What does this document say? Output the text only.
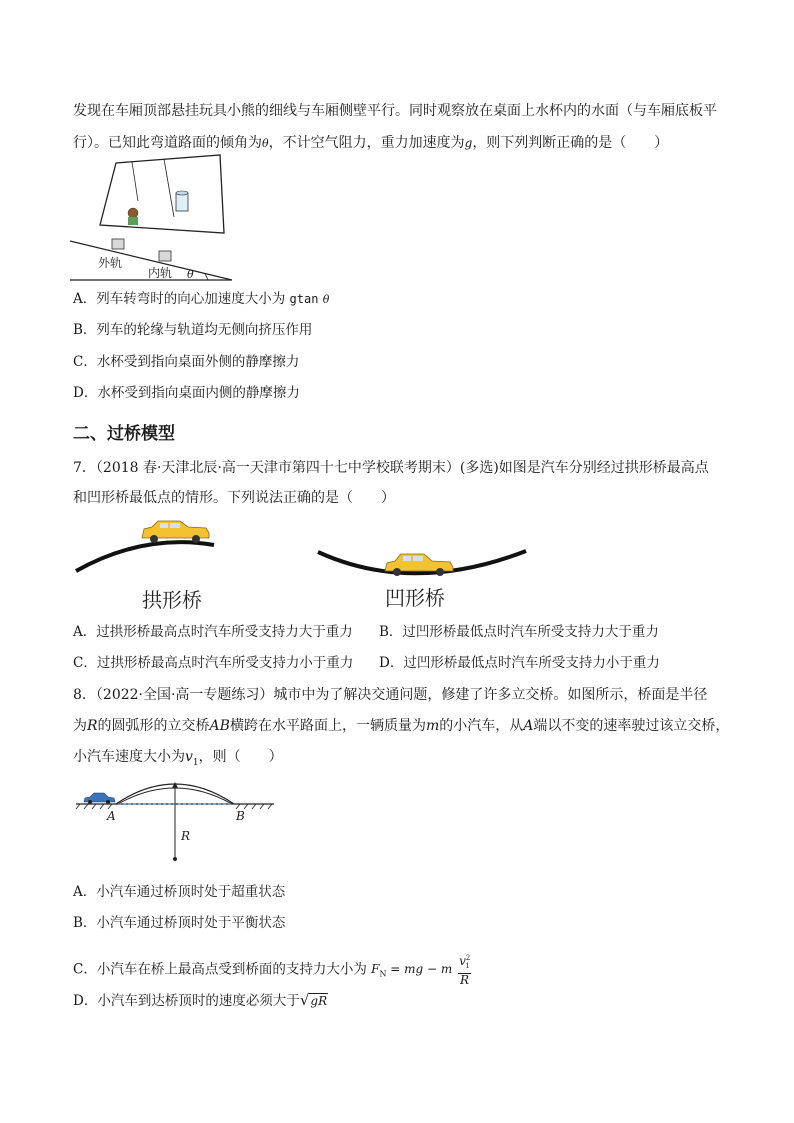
发现在车厢顶部悬挂玩具小熊的细线与车厢侧壁平行。同时观察放在桌面上水杯内的水面（与车厢底板平
行）。已知此弯道路面的倾角为θ，不计空气阻力，重力加速度为g，则下列判断正确的是（　　）
外轨
内轨 θ
A．列车转弯时的向心加速度大小为 gtan θ
B．列车的轮缘与轨道均无侧向挤压作用
C．水杯受到指向桌面外侧的静摩擦力
D．水杯受到指向桌面内侧的静摩擦力
二、过桥模型
7．（2018 春·天津北辰·高一天津市第四十七中学校联考期末）(多选)如图是汽车分别经过拱形桥最高点
和凹形桥最低点的情形。下列说法正确的是（　　）
拱形桥	凹形桥
A．过拱形桥最高点时汽车所受支持力大于重力 B．过凹形桥最低点时汽车所受支持力大于重力
C．过拱形桥最高点时汽车所受支持力小于重力 D．过凹形桥最低点时汽车所受支持力小于重力
8．（2022·全国·高一专题练习）城市中为了解决交通问题，修建了许多立交桥。如图所示，桥面是半径
为R的圆弧形的立交桥AB横跨在水平路面上，一辆质量为m的小汽车，从A端以不变的速率驶过该立交桥，
小汽车速度大小为$v_1$，则（　　）
A	B
R
A．小汽车通过桥顶时处于超重状态
B．小汽车通过桥顶时处于平衡状态
C．小汽车在桥上最高点受到桥面的支持力大小为 $F_N$ = mg − m $\frac{v^2_1}{R}$
D．小汽车到达桥顶时的速度必须大于√gR
